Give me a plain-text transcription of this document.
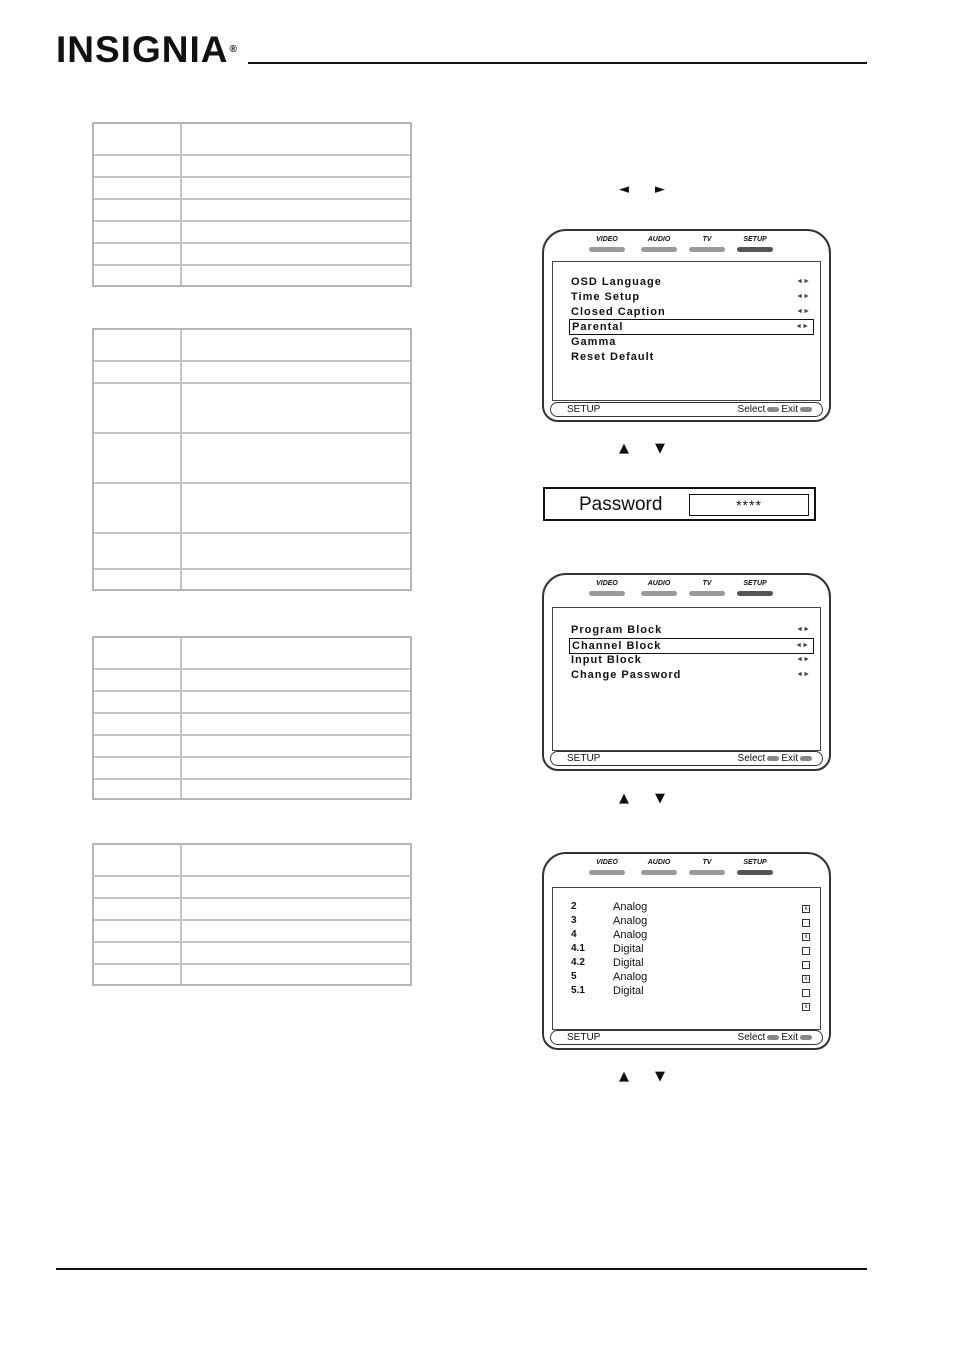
INSIGNIA®
◄ ►
VIDEO	AUDIO	TV	SETUP
OSD Language	◄►
Time Setup	◄►
Closed Caption	◄►
Parental	◄►
Gamma
Reset Default
SETUP	Select Exit
▲ ▼
Password	****
VIDEO	AUDIO	TV	SETUP
Program Block	◄►
Channel Block	◄►
Input Block	◄►
Change Password	◄►
SETUP	Select Exit
▲ ▼
VIDEO	AUDIO	TV	SETUP
2	Analog
3	Analog
4	Analog
4.1	Digital
4.2	Digital
5	Analog
5.1	Digital
x
x
x
x
SETUP	Select Exit
▲ ▼
